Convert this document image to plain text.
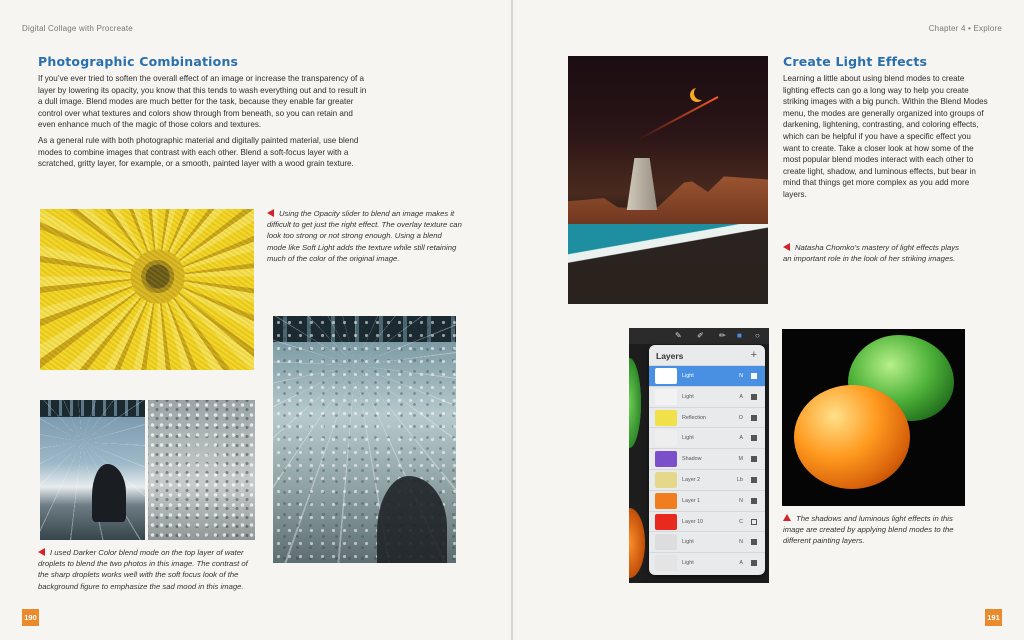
Digital Collage with Procreate
Photographic Combinations

If you’ve ever tried to soften the overall effect of an image or increase the transparency of a layer by lowering its opacity, you know that this tends to wash everything out and to result in a dull image. Blend modes are much better for the task, because they enable far greater control over what textures and colors show through from beneath, so you can retain and even enhance much of the magic of those colors and textures.

As a general rule with both photographic material and digitally painted material, use blend modes to combine images that contrast with each other. Blend a soft-focus layer with a scratched, gritty layer, for example, or a smooth, painted layer with a wood grain texture.

Using the Opacity slider to blend an image makes it difficult to get just the right effect. The overlay texture can look too strong or not strong enough. Using a blend mode like Soft Light adds the texture while still retaining much of the color of the original image.
I used Darker Color blend mode on the top layer of water droplets to blend the two photos in this image. The contrast of the sharp droplets works well with the soft focus look of the background figure to emphasize the sad mood in this image.
190
Chapter 4 • Explore
Create Light Effects
Learning a little about using blend modes to create lighting effects can go a long way to help you create striking images with a big punch. Within the Blend Modes menu, the modes are generally organized into groups of darkening, lightening, contrasting, and coloring effects, which can be helpful if you have a specific effect you want to create. Take a closer look at how some of the most popular blend modes interact with each other to create light, shadow, and luminous effects, but bear in mind that things get more complex as you add more layers.
Natasha Chomko’s mastery of light effects plays an important role in the look of her striking images.
✎ ✐ ✏ ■	○
Layers	+
Light	N
Light	A
Reflection	O
Light	A
Shadow	M
Layer 2	Lb
Layer 1	N
Layer 10	C
Light	N
Light	A
The shadows and luminous light effects in this image are created by applying blend modes to the different painting layers.
191
